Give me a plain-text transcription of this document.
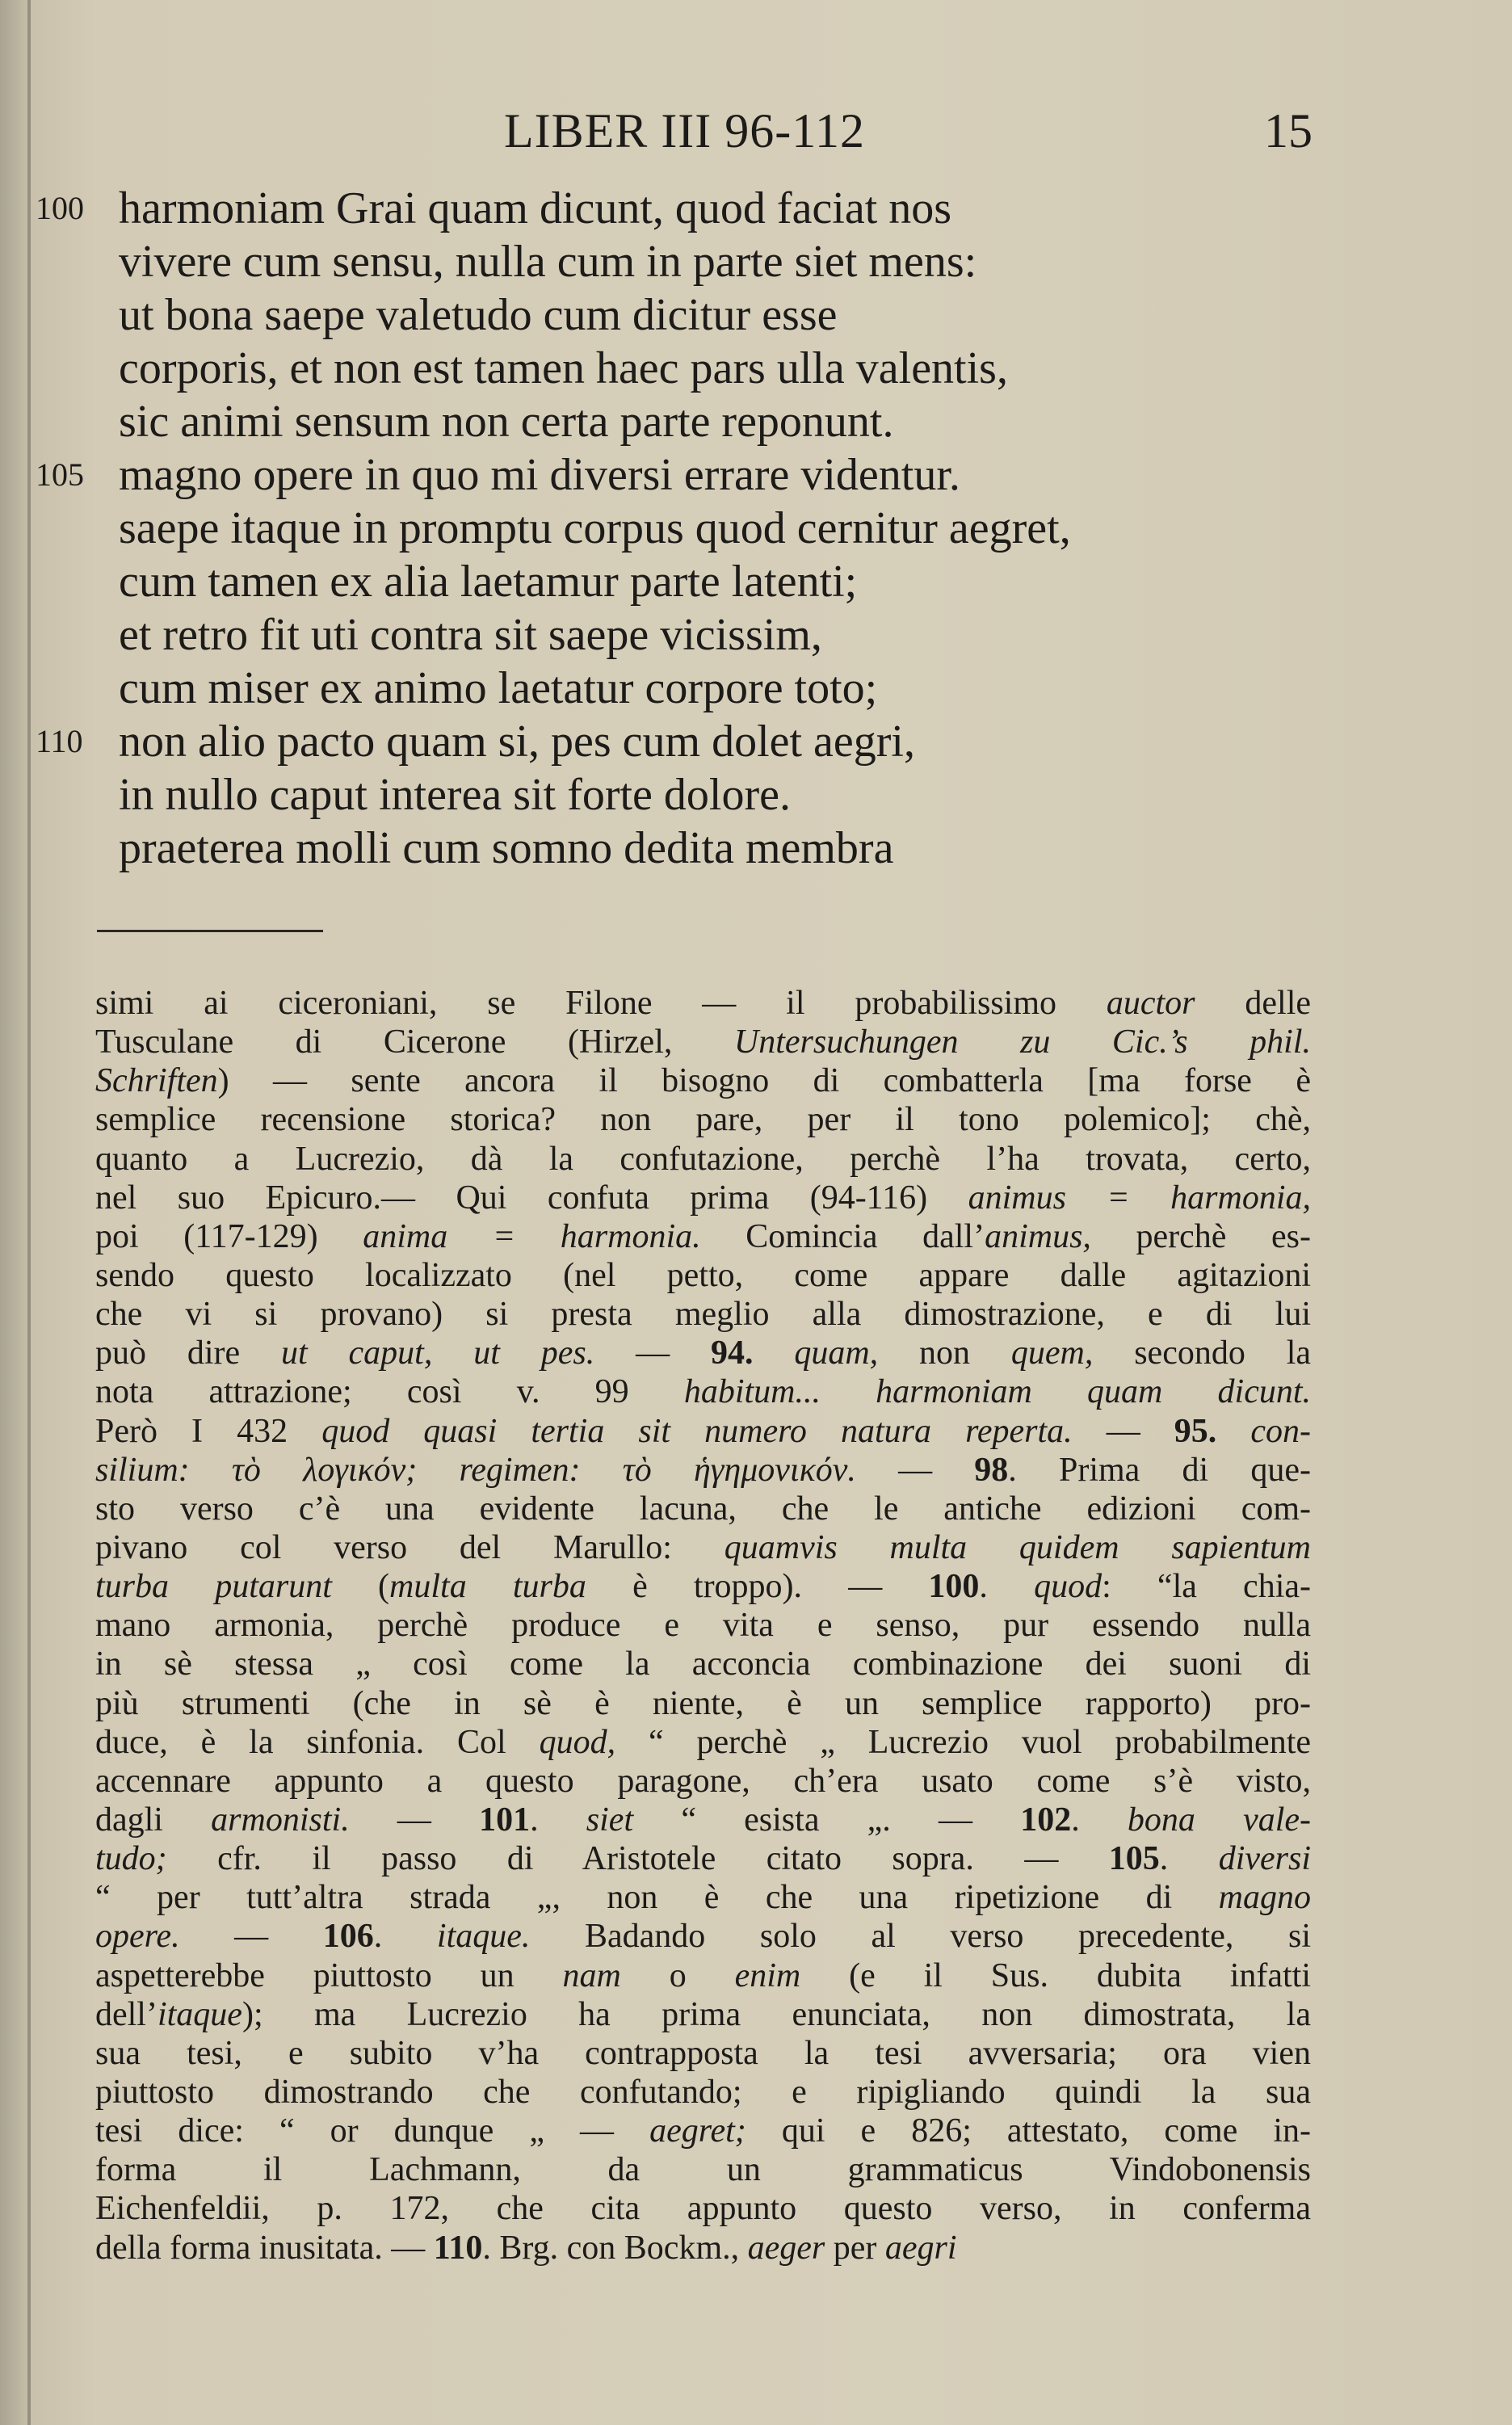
LIBER III 96-112	15
100 harmoniam Grai quam dicunt, quod faciat nos
vivere cum sensu, nulla cum in parte siet mens:
ut bona saepe valetudo cum dicitur esse
corporis, et non est tamen haec pars ulla valentis,
sic animi sensum non certa parte reponunt.
105 magno opere in quo mi diversi errare videntur.
saepe itaque in promptu corpus quod cernitur aegret,
cum tamen ex alia laetamur parte latenti;
et retro fit uti contra sit saepe vicissim,
cum miser ex animo laetatur corpore toto;
110 non alio pacto quam si, pes cum dolet aegri,
in nullo caput interea sit forte dolore.
praeterea molli cum somno dedita membra
simi ai ciceroniani, se Filone — il probabilissimo auctor delle
Tusculane di Cicerone (Hirzel, Untersuchungen zu Cic.’s phil.
Schriften) — sente ancora il bisogno di combatterla [ma forse è
semplice recensione storica? non pare, per il tono polemico]; chè,
quanto a Lucrezio, dà la confutazione, perchè l’ha trovata, certo,
nel suo Epicuro.— Qui confuta prima (94-116) animus = harmonia,
poi (117-129) anima = harmonia. Comincia dall’animus, perchè es-
sendo questo localizzato (nel petto, come appare dalle agitazioni
che vi si provano) si presta meglio alla dimostrazione, e di lui
può dire ut caput, ut pes. — 94. quam, non quem, secondo la
nota attrazione; così v. 99 habitum... harmoniam quam dicunt.
Però I 432 quod quasi tertia sit numero natura reperta. — 95. con-
silium: τὸ λογικόν; regimen: τὸ ἡγημονικόν. — 98. Prima di que-
sto verso c’è una evidente lacuna, che le antiche edizioni com-
pivano col verso del Marullo: quamvis multa quidem sapientum
turba putarunt (multa turba è troppo). — 100. quod: “la chia-
mano armonia, perchè produce e vita e senso, pur essendo nulla
in sè stessa „ così come la acconcia combinazione dei suoni di
più strumenti (che in sè è niente, è un semplice rapporto) pro-
duce, è la sinfonia. Col quod, “ perchè „ Lucrezio vuol probabilmente
accennare appunto a questo paragone, ch’era usato come s’è visto,
dagli armonisti. — 101. siet “ esista „. — 102. bona vale-
tudo; cfr. il passo di Aristotele citato sopra. — 105. diversi
“ per tutt’altra strada „, non è che una ripetizione di magno
opere. — 106. itaque. Badando solo al verso precedente, si
aspetterebbe piuttosto un nam o enim (e il Sus. dubita infatti
dell’itaque); ma Lucrezio ha prima enunciata, non dimostrata, la
sua tesi, e subito v’ha contrapposta la tesi avversaria; ora vien
piuttosto dimostrando che confutando; e ripigliando quindi la sua
tesi dice: “ or dunque „ — aegret; qui e 826; attestato, come in-
forma il Lachmann, da un grammaticus Vindobonensis
Eichenfeldii, p. 172, che cita appunto questo verso, in conferma
della forma inusitata. — 110. Brg. con Bockm., aeger per aegri
